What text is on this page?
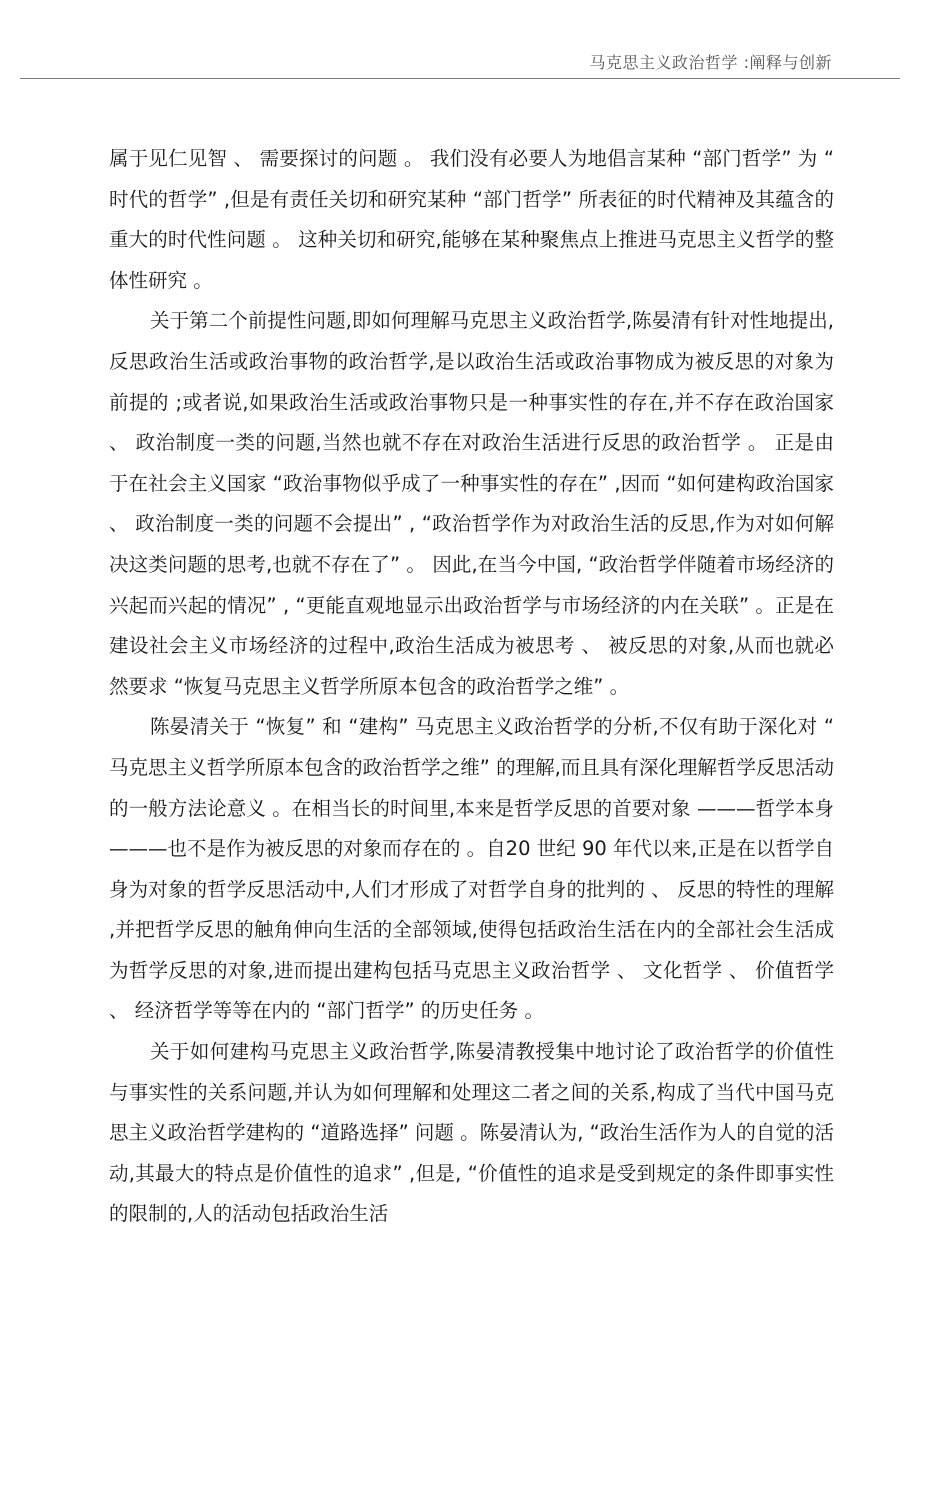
马克思主义政治哲学 :阐释与创新

属于见仁见智 、 需要探讨的问题 。 我们没有必要人为地倡言某种 “部门哲学” 为 “时代的哲学” ,但是有责任关切和研究某种 “部门哲学” 所表征的时代精神及其蕴含的重大的时代性问题 。 这种关切和研究,能够在某种聚焦点上推进马克思主义哲学的整体性研究 。

关于第二个前提性问题,即如何理解马克思主义政治哲学,陈晏清有针对性地提出,反思政治生活或政治事物的政治哲学,是以政治生活或政治事物成为被反思的对象为前提的 ;或者说,如果政治生活或政治事物只是一种事实性的存在,并不存在政治国家 、 政治制度一类的问题,当然也就不存在对政治生活进行反思的政治哲学 。 正是由于在社会主义国家 “政治事物似乎成了一种事实性的存在” ,因而 “如何建构政治国家 、 政治制度一类的问题不会提出” , “政治哲学作为对政治生活的反思,作为对如何解决这类问题的思考,也就不存在了” 。 因此,在当今中国, “政治哲学伴随着市场经济的兴起而兴起的情况” , “更能直观地显示出政治哲学与市场经济的内在关联” 。正是在建设社会主义市场经济的过程中,政治生活成为被思考 、 被反思的对象,从而也就必然要求 “恢复马克思主义哲学所原本包含的政治哲学之维” 。

陈晏清关于 “恢复” 和 “建构” 马克思主义政治哲学的分析,不仅有助于深化对 “马克思主义哲学所原本包含的政治哲学之维” 的理解,而且具有深化理解哲学反思活动的一般方法论意义 。在相当长的时间里,本来是哲学反思的首要对象 ———哲学本身 ———也不是作为被反思的对象而存在的 。自20 世纪 90 年代以来,正是在以哲学自身为对象的哲学反思活动中,人们才形成了对哲学自身的批判的 、 反思的特性的理解,并把哲学反思的触角伸向生活的全部领域,使得包括政治生活在内的全部社会生活成为哲学反思的对象,进而提出建构包括马克思主义政治哲学 、 文化哲学 、 价值哲学 、 经济哲学等等在内的 “部门哲学” 的历史任务 。

关于如何建构马克思主义政治哲学,陈晏清教授集中地讨论了政治哲学的价值性与事实性的关系问题,并认为如何理解和处理这二者之间的关系,构成了当代中国马克思主义政治哲学建构的 “道路选择” 问题 。陈晏清认为, “政治生活作为人的自觉的活动,其最大的特点是价值性的追求” ,但是, “价值性的追求是受到规定的条件即事实性的限制的,人的活动包括政治生活
